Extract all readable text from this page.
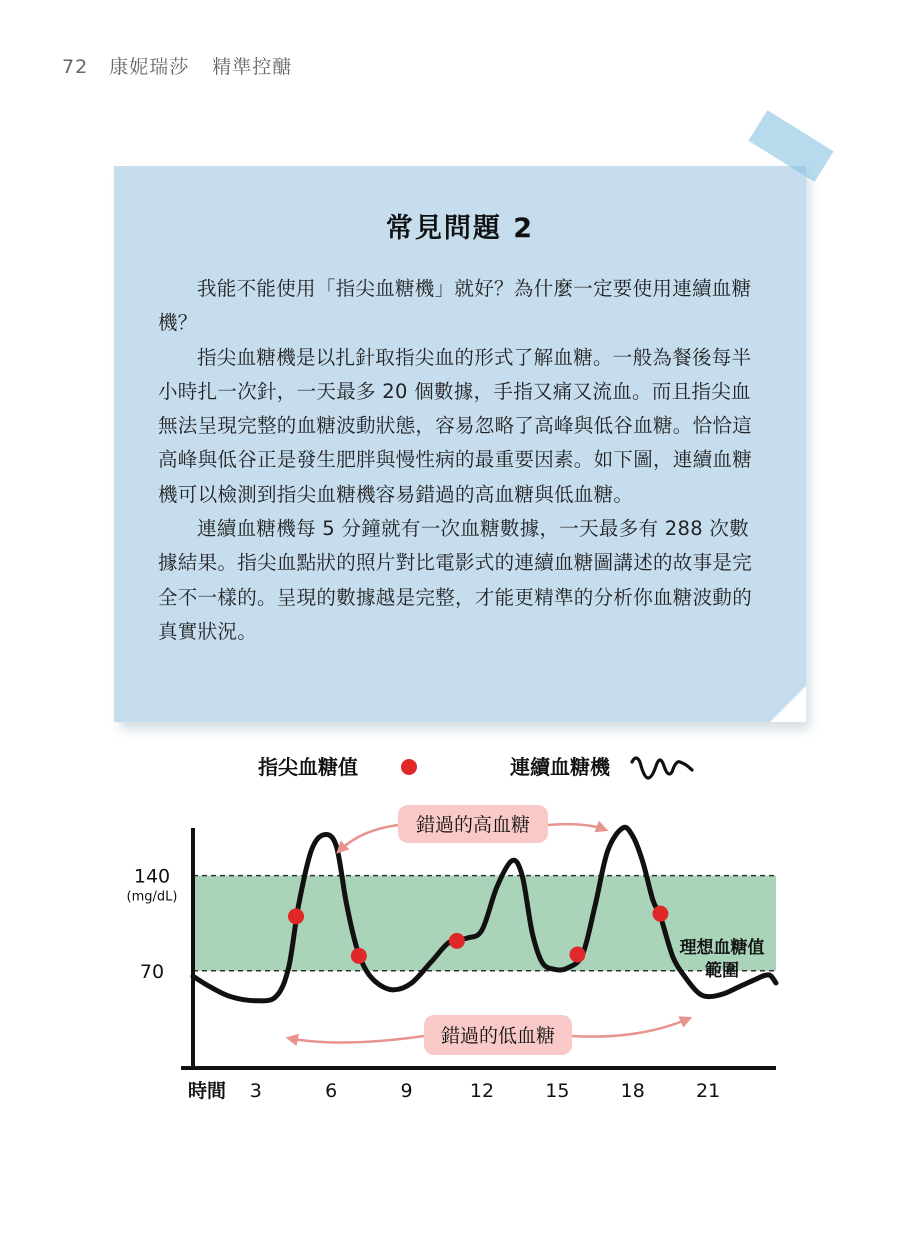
72 康妮瑞莎 精準控醣
常見問題 2

我能不能使用「指尖血糖機」就好？為什麼一定要使用連續血糖機？

指尖血糖機是以扎針取指尖血的形式了解血糖。一般為餐後每半小時扎一次針，一天最多 20 個數據，手指又痛又流血。而且指尖血無法呈現完整的血糖波動狀態，容易忽略了高峰與低谷血糖。恰恰這高峰與低谷正是發生肥胖與慢性病的最重要因素。如下圖，連續血糖機可以檢測到指尖血糖機容易錯過的高血糖與低血糖。

連續血糖機每 5 分鐘就有一次血糖數據，一天最多有 288 次數據結果。指尖血點狀的照片對比電影式的連續血糖圖講述的故事是完全不一樣的。呈現的數據越是完整，才能更精準的分析你血糖波動的真實狀況。

指尖血糖值	連續血糖機
理想血糖值
範圍
140
(mg/dL)
70
時間 3	6	9	12	15	18	21
錯過的高血糖
錯過的低血糖
